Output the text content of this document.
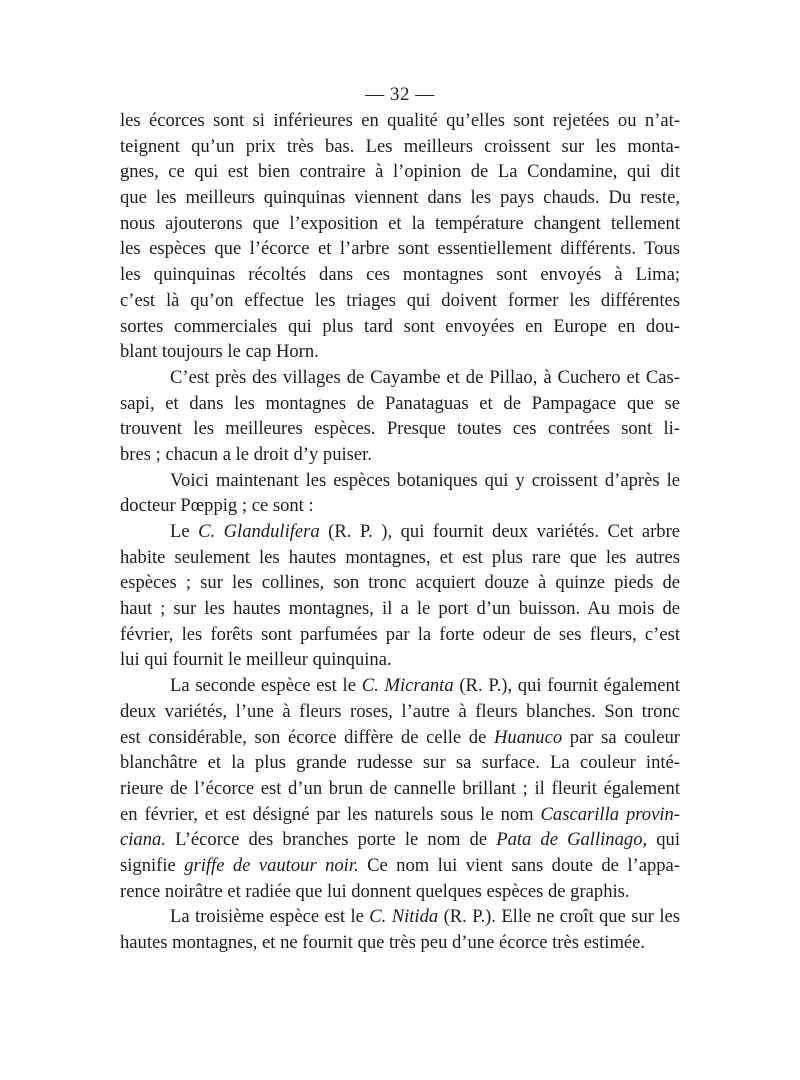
— 32 —
les écorces sont si inférieures en qualité qu’elles sont rejetées ou n’at-
teignent qu’un prix très bas. Les meilleurs croissent sur les monta-
gnes, ce qui est bien contraire à l’opinion de La Condamine, qui dit
que les meilleurs quinquinas viennent dans les pays chauds. Du reste,
nous ajouterons que l’exposition et la température changent tellement
les espèces que l’écorce et l’arbre sont essentiellement différents. Tous
les quinquinas récoltés dans ces montagnes sont envoyés à Lima;
c’est là qu’on effectue les triages qui doivent former les différentes
sortes commerciales qui plus tard sont envoyées en Europe en dou-
blant toujours le cap Horn.
C’est près des villages de Cayambe et de Pillao, à Cuchero et Cas-
sapi, et dans les montagnes de Panataguas et de Pampagace que se
trouvent les meilleures espèces. Presque toutes ces contrées sont li-
bres ; chacun a le droit d’y puiser.
Voici maintenant les espèces botaniques qui y croissent d’après le
docteur Pœppig ; ce sont :
Le C. Glandulifera (R. P. ), qui fournit deux variétés. Cet arbre
habite seulement les hautes montagnes, et est plus rare que les autres
espèces ; sur les collines, son tronc acquiert douze à quinze pieds de
haut ; sur les hautes montagnes, il a le port d’un buisson. Au mois de
février, les forêts sont parfumées par la forte odeur de ses fleurs, c’est
lui qui fournit le meilleur quinquina.
La seconde espèce est le C. Micranta (R. P.), qui fournit également
deux variétés, l’une à fleurs roses, l’autre à fleurs blanches. Son tronc
est considérable, son écorce diffère de celle de Huanuco par sa couleur
blanchâtre et la plus grande rudesse sur sa surface. La couleur inté-
rieure de l’écorce est d’un brun de cannelle brillant ; il fleurit également
en février, et est désigné par les naturels sous le nom Cascarilla provin-
ciana. L’écorce des branches porte le nom de Pata de Gallinago, qui
signifie griffe de vautour noir. Ce nom lui vient sans doute de l’appa-
rence noirâtre et radiée que lui donnent quelques espèces de graphis.
La troisième espèce est le C. Nitida (R. P.). Elle ne croît que sur les
hautes montagnes, et ne fournit que très peu d’une écorce très estimée.
